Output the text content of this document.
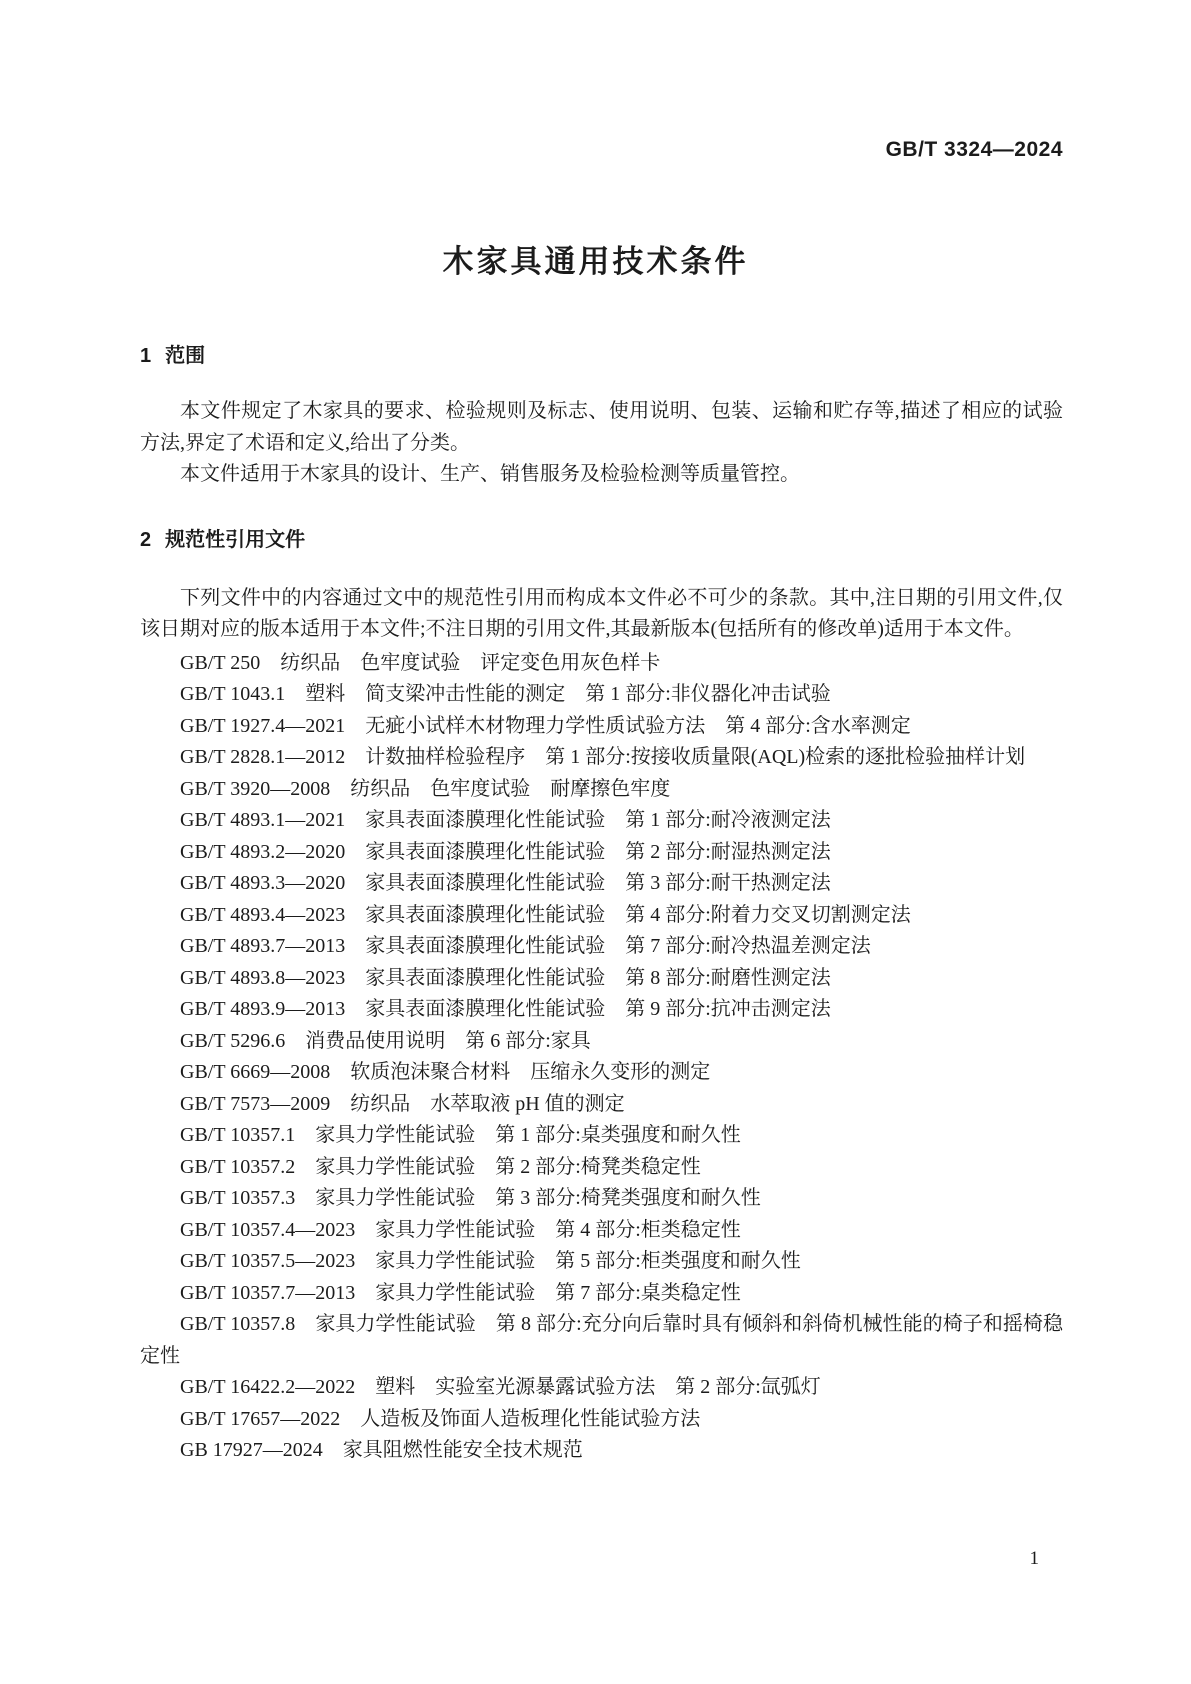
GB/T 3324—2024
木家具通用技术条件
1 范围

本文件规定了木家具的要求、检验规则及标志、使用说明、包装、运输和贮存等,描述了相应的试验方法,界定了术语和定义,给出了分类。

本文件适用于木家具的设计、生产、销售服务及检验检测等质量管控。

2 规范性引用文件

下列文件中的内容通过文中的规范性引用而构成本文件必不可少的条款。其中,注日期的引用文件,仅该日期对应的版本适用于本文件;不注日期的引用文件,其最新版本(包括所有的修改单)适用于本文件。

GB/T 250　纺织品　色牢度试验　评定变色用灰色样卡

GB/T 1043.1　塑料　简支梁冲击性能的测定　第 1 部分:非仪器化冲击试验

GB/T 1927.4—2021　无疵小试样木材物理力学性质试验方法　第 4 部分:含水率测定

GB/T 2828.1—2012　计数抽样检验程序　第 1 部分:按接收质量限(AQL)检索的逐批检验抽样计划

GB/T 3920—2008　纺织品　色牢度试验　耐摩擦色牢度

GB/T 4893.1—2021　家具表面漆膜理化性能试验　第 1 部分:耐冷液测定法

GB/T 4893.2—2020　家具表面漆膜理化性能试验　第 2 部分:耐湿热测定法

GB/T 4893.3—2020　家具表面漆膜理化性能试验　第 3 部分:耐干热测定法

GB/T 4893.4—2023　家具表面漆膜理化性能试验　第 4 部分:附着力交叉切割测定法

GB/T 4893.7—2013　家具表面漆膜理化性能试验　第 7 部分:耐冷热温差测定法

GB/T 4893.8—2023　家具表面漆膜理化性能试验　第 8 部分:耐磨性测定法

GB/T 4893.9—2013　家具表面漆膜理化性能试验　第 9 部分:抗冲击测定法

GB/T 5296.6　消费品使用说明　第 6 部分:家具

GB/T 6669—2008　软质泡沫聚合材料　压缩永久变形的测定

GB/T 7573—2009　纺织品　水萃取液 pH 值的测定

GB/T 10357.1　家具力学性能试验　第 1 部分:桌类强度和耐久性

GB/T 10357.2　家具力学性能试验　第 2 部分:椅凳类稳定性

GB/T 10357.3　家具力学性能试验　第 3 部分:椅凳类强度和耐久性

GB/T 10357.4—2023　家具力学性能试验　第 4 部分:柜类稳定性

GB/T 10357.5—2023　家具力学性能试验　第 5 部分:柜类强度和耐久性

GB/T 10357.7—2013　家具力学性能试验　第 7 部分:桌类稳定性

GB/T 10357.8　家具力学性能试验　第 8 部分:充分向后靠时具有倾斜和斜倚机械性能的椅子和摇椅稳定性

GB/T 16422.2—2022　塑料　实验室光源暴露试验方法　第 2 部分:氙弧灯

GB/T 17657—2022　人造板及饰面人造板理化性能试验方法

GB 17927—2024　家具阻燃性能安全技术规范

1
